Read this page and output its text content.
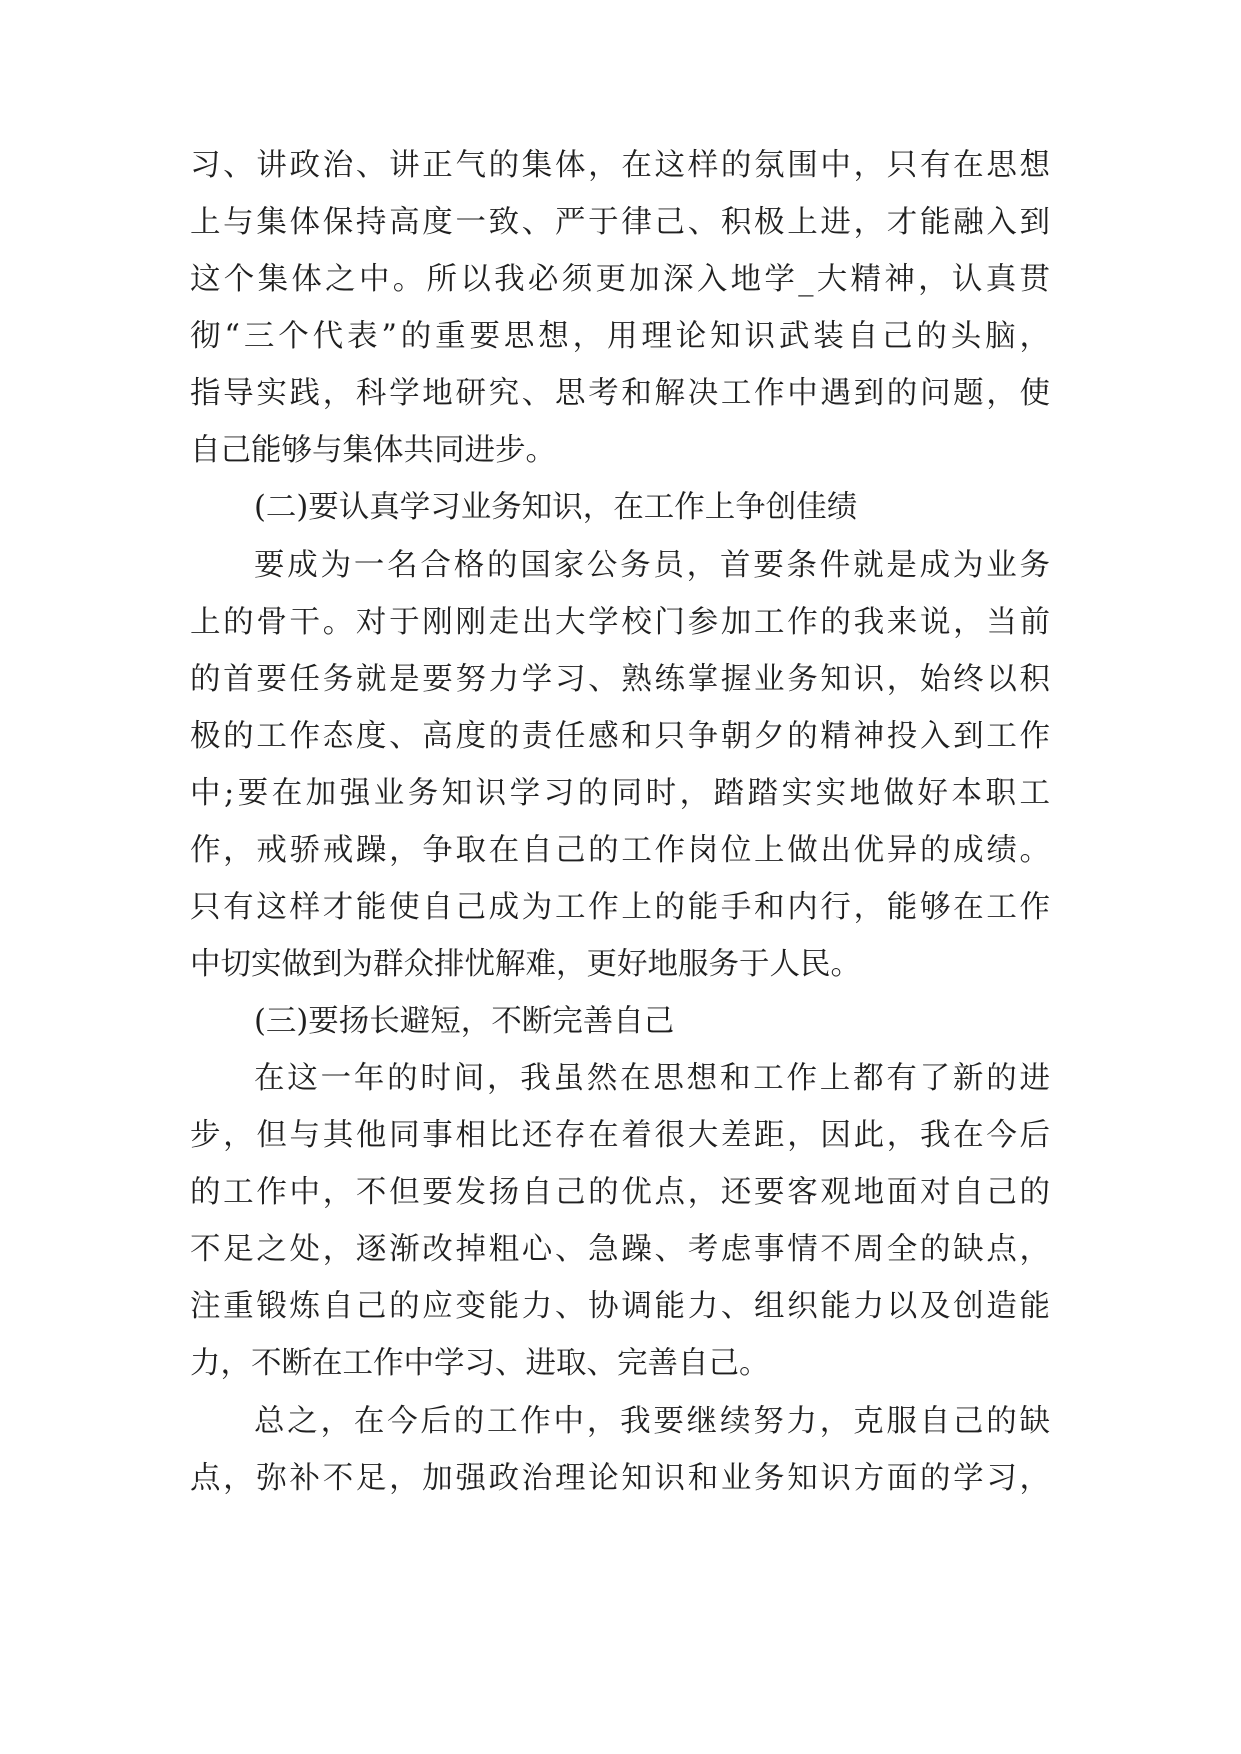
习、讲政治、讲正气的集体，在这样的氛围中，只有在思想
上与集体保持高度一致、严于律己、积极上进，才能融入到
这个集体之中。所以我必须更加深入地学_大精神，认真贯
彻“三个代表”的重要思想，用理论知识武装自己的头脑，
指导实践，科学地研究、思考和解决工作中遇到的问题，使
自己能够与集体共同进步。
(二)要认真学习业务知识，在工作上争创佳绩
要成为一名合格的国家公务员，首要条件就是成为业务
上的骨干。对于刚刚走出大学校门参加工作的我来说，当前
的首要任务就是要努力学习、熟练掌握业务知识，始终以积
极的工作态度、高度的责任感和只争朝夕的精神投入到工作
中;要在加强业务知识学习的同时，踏踏实实地做好本职工
作，戒骄戒躁，争取在自己的工作岗位上做出优异的成绩。
只有这样才能使自己成为工作上的能手和内行，能够在工作
中切实做到为群众排忧解难，更好地服务于人民。
(三)要扬长避短，不断完善自己
在这一年的时间，我虽然在思想和工作上都有了新的进
步，但与其他同事相比还存在着很大差距，因此，我在今后
的工作中，不但要发扬自己的优点，还要客观地面对自己的
不足之处，逐渐改掉粗心、急躁、考虑事情不周全的缺点，
注重锻炼自己的应变能力、协调能力、组织能力以及创造能
力，不断在工作中学习、进取、完善自己。
总之，在今后的工作中，我要继续努力，克服自己的缺
点，弥补不足，加强政治理论知识和业务知识方面的学习，
